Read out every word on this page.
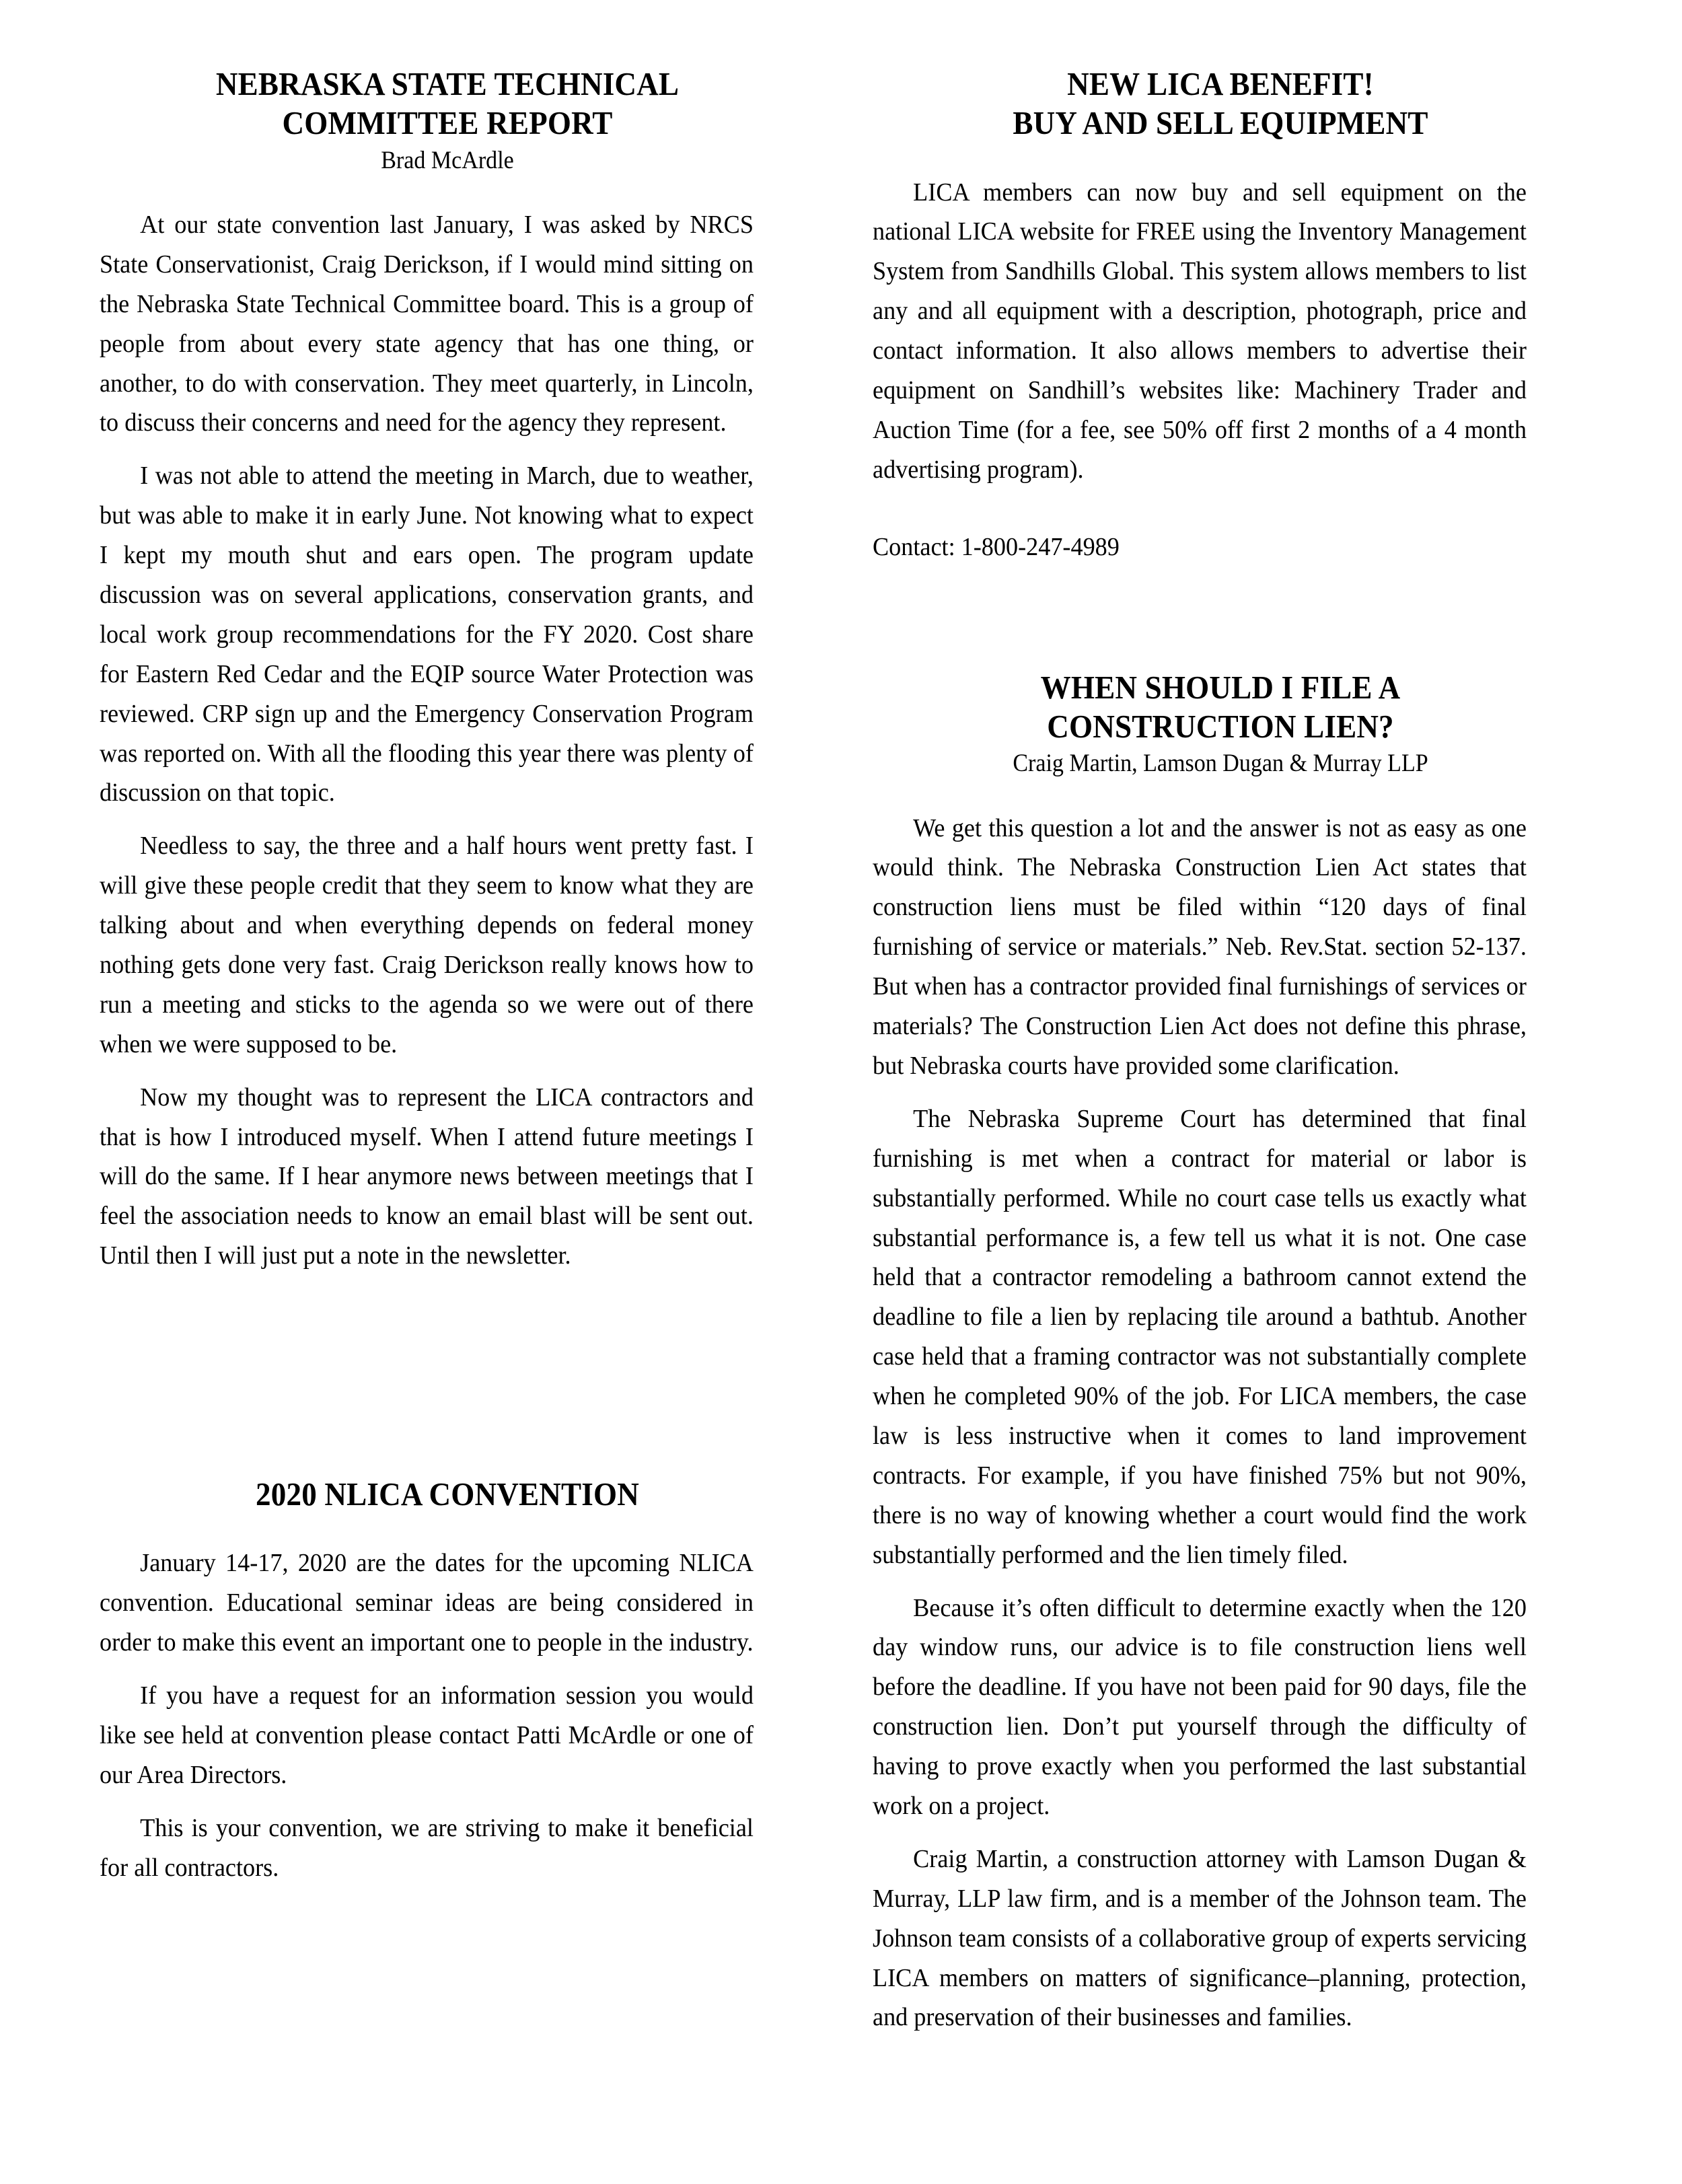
NEBRASKA STATE TECHNICAL
COMMITTEE REPORT
Brad McArdle

At our state convention last January, I was asked by NRCS State Conservationist, Craig Derickson, if I would mind sitting on the Nebraska State Technical Committee board. This is a group of people from about every state agency that has one thing, or another, to do with conservation. They meet quarterly, in Lincoln, to discuss their concerns and need for the agency they represent.

I was not able to attend the meeting in March, due to weather, but was able to make it in early June. Not knowing what to expect I kept my mouth shut and ears open. The program update discussion was on several applications, conservation grants, and local work group recommendations for the FY 2020. Cost share for Eastern Red Cedar and the EQIP source Water Protection was reviewed. CRP sign up and the Emergency Conservation Program was reported on. With all the flooding this year there was plenty of discussion on that topic.

Needless to say, the three and a half hours went pretty fast. I will give these people credit that they seem to know what they are talking about and when everything depends on federal money nothing gets done very fast. Craig Derickson really knows how to run a meeting and sticks to the agenda so we were out of there when we were supposed to be.

Now my thought was to represent the LICA contractors and that is how I introduced myself. When I attend future meetings I will do the same. If I hear anymore news between meetings that I feel the association needs to know an email blast will be sent out. Until then I will just put a note in the newsletter.

2020 NLICA CONVENTION

January 14-17, 2020 are the dates for the upcoming NLICA convention. Educational seminar ideas are being considered in order to make this event an important one to people in the industry.

If you have a request for an information session you would like see held at convention please contact Patti McArdle or one of our Area Directors.

This is your convention, we are striving to make it beneficial for all contractors.

NEW LICA BENEFIT!
BUY AND SELL EQUIPMENT

LICA members can now buy and sell equipment on the national LICA website for FREE using the Inventory Management System from Sandhills Global. This system allows members to list any and all equipment with a description, photograph, price and contact information. It also allows members to advertise their equipment on Sandhill’s websites like: Machinery Trader and Auction Time (for a fee, see 50% off first 2 months of a 4 month advertising program).

Contact: 1-800-247-4989

WHEN SHOULD I FILE A
CONSTRUCTION LIEN?
Craig Martin, Lamson Dugan & Murray LLP

We get this question a lot and the answer is not as easy as one would think. The Nebraska Construction Lien Act states that construction liens must be filed within “120 days of final furnishing of service or materials.” Neb. Rev.Stat. section 52-137. But when has a contractor provided final furnishings of services or materials? The Construction Lien Act does not define this phrase, but Nebraska courts have provided some clarification.

The Nebraska Supreme Court has determined that final furnishing is met when a contract for material or labor is substantially performed. While no court case tells us exactly what substantial performance is, a few tell us what it is not. One case held that a contractor remodeling a bathroom cannot extend the deadline to file a lien by replacing tile around a bathtub. Another case held that a framing contractor was not substantially complete when he completed 90% of the job. For LICA members, the case law is less instructive when it comes to land improvement contracts. For example, if you have finished 75% but not 90%, there is no way of knowing whether a court would find the work substantially performed and the lien timely filed.

Because it’s often difficult to determine exactly when the 120 day window runs, our advice is to file construction liens well before the deadline. If you have not been paid for 90 days, file the construction lien. Don’t put yourself through the difficulty of having to prove exactly when you performed the last substantial work on a project.

Craig Martin, a construction attorney with Lamson Dugan & Murray, LLP law firm, and is a member of the Johnson team. The Johnson team consists of a collaborative group of experts servicing LICA members on matters of significance–planning, protection, and preservation of their businesses and families.
